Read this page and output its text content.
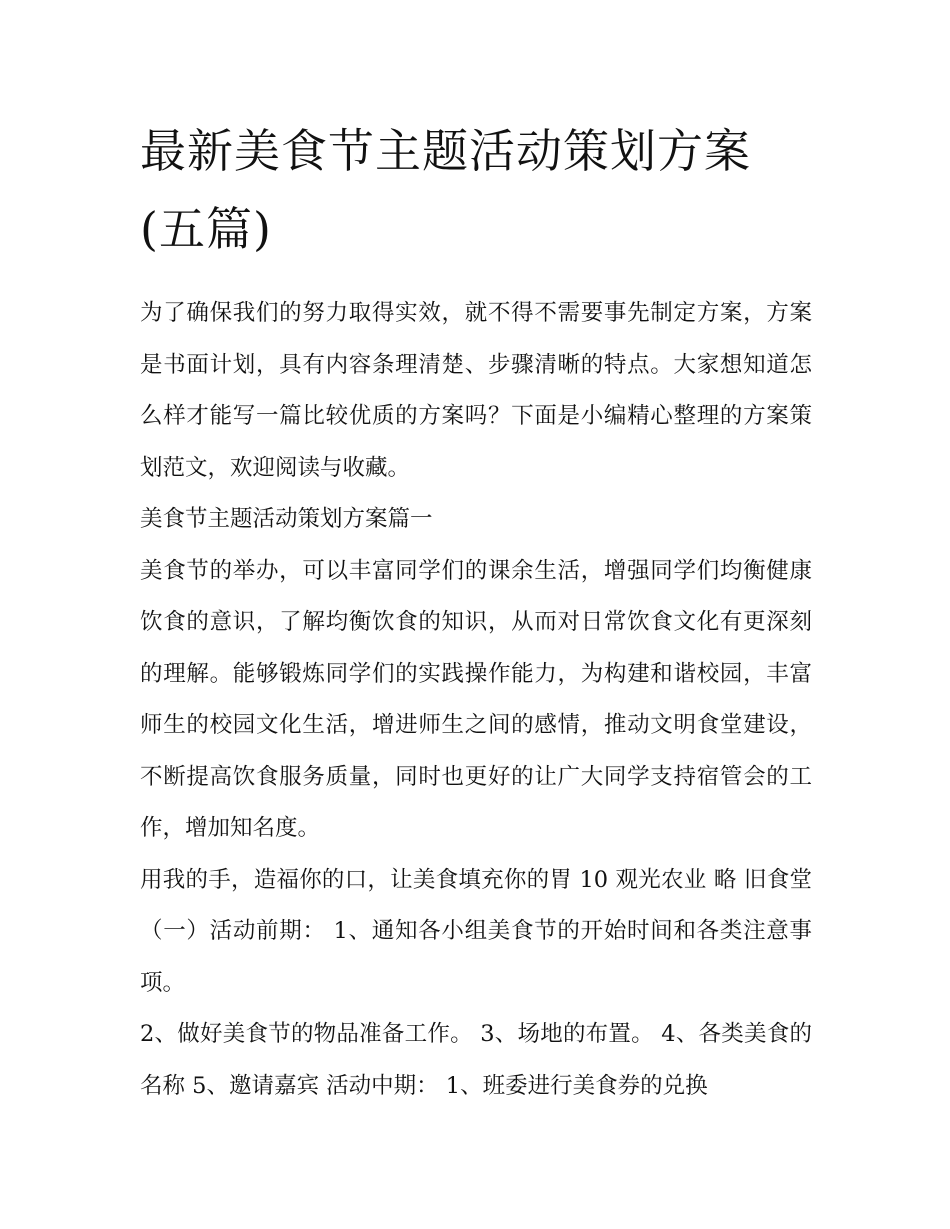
最新美食节主题活动策划方案(五篇)

为了确保我们的努力取得实效，就不得不需要事先制定方案，方案是书面计划，具有内容条理清楚、步骤清晰的特点。大家想知道怎么样才能写一篇比较优质的方案吗？下面是小编精心整理的方案策划范文，欢迎阅读与收藏。

美食节主题活动策划方案篇一

美食节的举办，可以丰富同学们的课余生活，增强同学们均衡健康饮食的意识，了解均衡饮食的知识，从而对日常饮食文化有更深刻的理解。能够锻炼同学们的实践操作能力，为构建和谐校园，丰富师生的校园文化生活，增进师生之间的感情，推动文明食堂建设，不断提高饮食服务质量，同时也更好的让广大同学支持宿管会的工作，增加知名度。

用我的手，造福你的口，让美食填充你的胃 10 观光农业 略 旧食堂 （一）活动前期： 1、通知各小组美食节的开始时间和各类注意事项。

2、做好美食节的物品准备工作。 3、场地的布置。 4、各类美食的名称 5、邀请嘉宾 活动中期： 1、班委进行美食券的兑换
